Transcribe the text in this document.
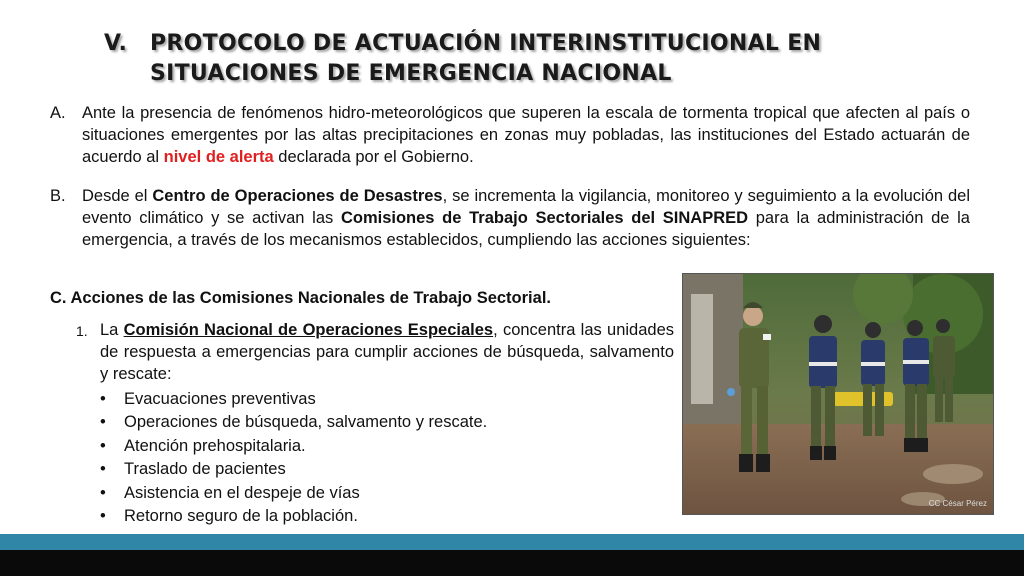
V. PROTOCOLO DE ACTUACIÓN INTERINSTITUCIONAL EN
SITUACIONES DE EMERGENCIA NACIONAL
A. Ante la presencia de fenómenos hidro-meteorológicos que superen la escala de tormenta tropical que afecten al país o situaciones emergentes por las altas precipitaciones en zonas muy pobladas, las instituciones del Estado actuarán de acuerdo al nivel de alerta declarada por el Gobierno.
B. Desde el Centro de Operaciones de Desastres, se incrementa la vigilancia, monitoreo y seguimiento a la evolución del evento climático y se activan las Comisiones de Trabajo Sectoriales del SINAPRED para la administración de la emergencia, a través de los mecanismos establecidos, cumpliendo las acciones siguientes:
C. Acciones de las Comisiones Nacionales de Trabajo Sectorial.
1. La Comisión Nacional de Operaciones Especiales, concentra las unidades de respuesta a emergencias para cumplir acciones de búsqueda, salvamento y rescate:
•	Evacuaciones preventivas
•	Operaciones de búsqueda, salvamento y rescate.
•	Atención prehospitalaria.
•	Traslado de pacientes
•	Asistencia en el despeje de vías
•	Retorno seguro de la población.
CC César Pérez
